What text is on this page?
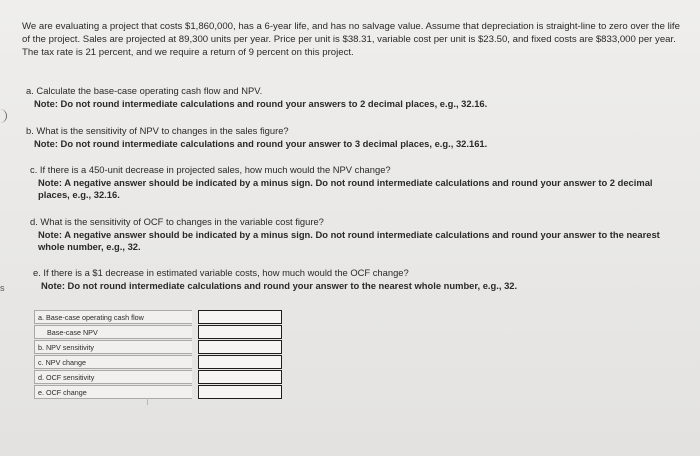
We are evaluating a project that costs $1,860,000, has a 6-year life, and has no salvage value. Assume that depreciation is straight-line to zero over the life of the project. Sales are projected at 89,300 units per year. Price per unit is $38.31, variable cost per unit is $23.50, and fixed costs are $833,000 per year. The tax rate is 21 percent, and we require a return of 9 percent on this project.
s
a. Calculate the base-case operating cash flow and NPV.
Note: Do not round intermediate calculations and round your answers to 2 decimal places, e.g., 32.16.
b. What is the sensitivity of NPV to changes in the sales figure?
Note: Do not round intermediate calculations and round your answer to 3 decimal places, e.g., 32.161.
c. If there is a 450-unit decrease in projected sales, how much would the NPV change?
Note: A negative answer should be indicated by a minus sign. Do not round intermediate calculations and round your answer to 2 decimal places, e.g., 32.16.
d. What is the sensitivity of OCF to changes in the variable cost figure?
Note: A negative answer should be indicated by a minus sign. Do not round intermediate calculations and round your answer to the nearest whole number, e.g., 32.
e. If there is a $1 decrease in estimated variable costs, how much would the OCF change?
Note: Do not round intermediate calculations and round your answer to the nearest whole number, e.g., 32.
a. Base-case operating cash flow
Base-case NPV
b. NPV sensitivity
c. NPV change
d. OCF sensitivity
e. OCF change
